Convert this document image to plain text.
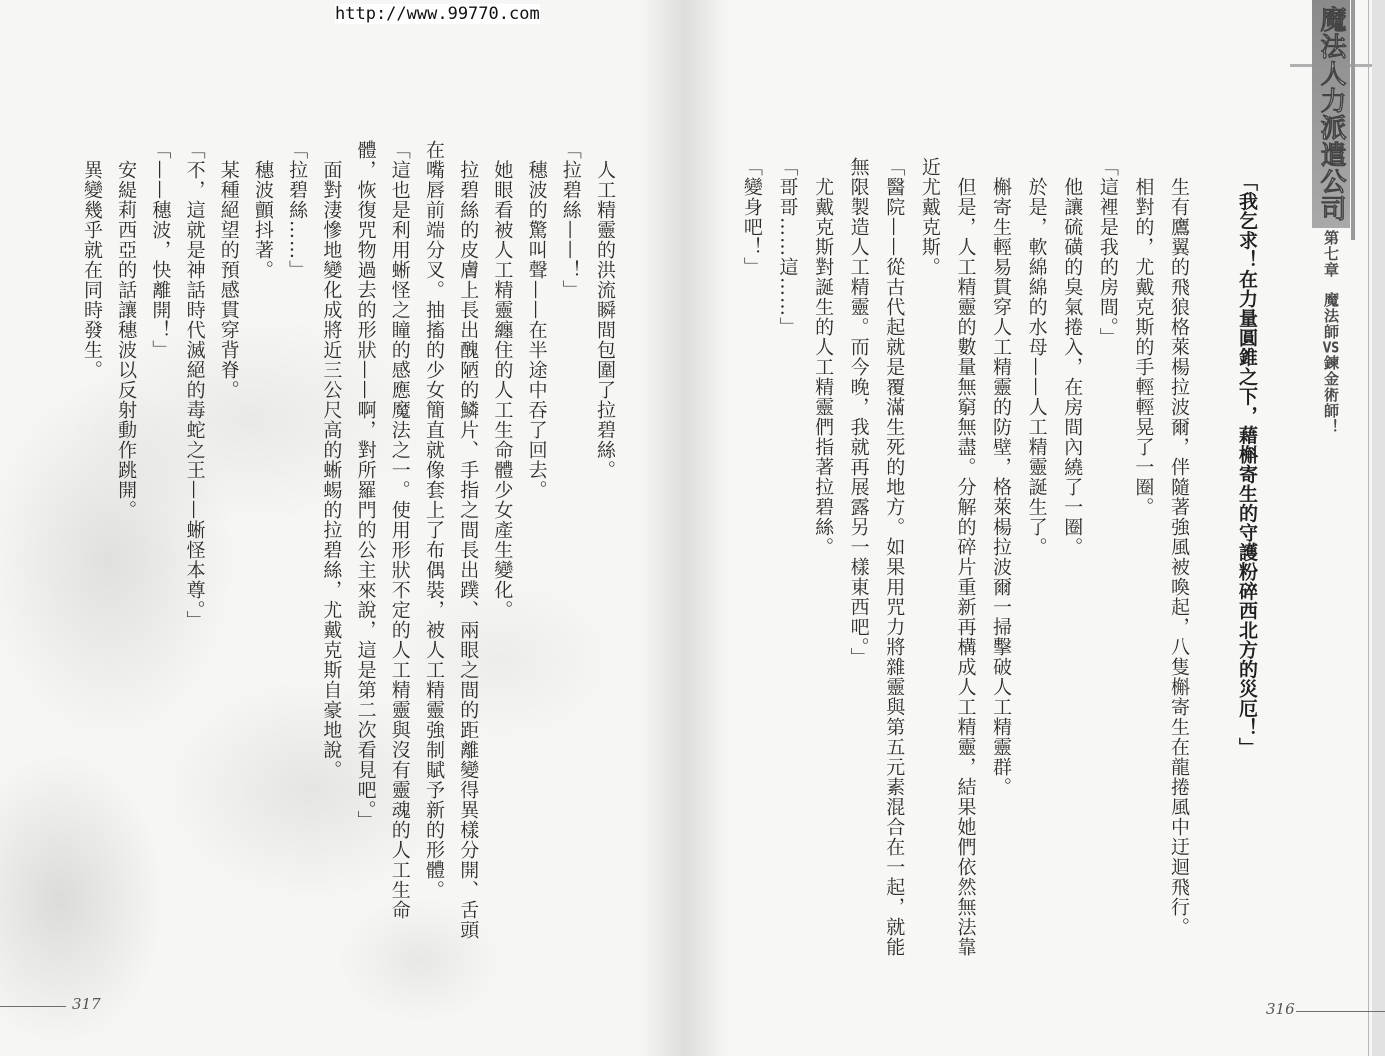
http://www.99770.com
人工精靈的洪流瞬間包圍了拉碧絲。
「拉碧絲——！」
穗波的驚叫聲——在半途中吞了回去。
她眼看被人工精靈纏住的人工生命體少女產生變化。
拉碧絲的皮膚上長出醜陋的鱗片、手指之間長出蹼、兩眼之間的距離變得異樣分開、舌頭
在嘴唇前端分叉。抽搐的少女簡直就像套上了布偶裝，被人工精靈強制賦予新的形體。
「這也是利用蜥怪之瞳的感應魔法之一。使用形狀不定的人工精靈與沒有靈魂的人工生命
體，恢復咒物過去的形狀——啊，對所羅門的公主來說，這是第二次看見吧。」
面對淒慘地變化成將近三公尺高的蜥蜴的拉碧絲，尤戴克斯自豪地說。
「拉碧絲……」
穗波顫抖著。
某種絕望的預感貫穿背脊。
「不，這就是神話時代滅絕的毒蛇之王——蜥怪本尊。」
「——穗波，快離開！」
安緹莉西亞的話讓穗波以反射動作跳開。
異變幾乎就在同時發生。
317
「我乞求！在力量圓錐之下，藉槲寄生的守護粉碎西北方的災厄！」
生有鷹翼的飛狼格萊楊拉波爾，伴隨著強風被喚起，八隻槲寄生在龍捲風中迂迴飛行。
相對的，尤戴克斯的手輕輕晃了一圈。
「這裡是我的房間。」
他讓硫磺的臭氣捲入，在房間內繞了一圈。
於是，軟綿綿的水母——人工精靈誕生了。
槲寄生輕易貫穿人工精靈的防壁，格萊楊拉波爾一掃擊破人工精靈群。
但是，人工精靈的數量無窮無盡。分解的碎片重新再構成人工精靈，結果她們依然無法靠
近尤戴克斯。
「醫院——從古代起就是覆滿生死的地方。如果用咒力將雜靈與第五元素混合在一起，就能
無限製造人工精靈。而今晚，我就再展露另一樣東西吧。」
尤戴克斯對誕生的人工精靈們指著拉碧絲。
「哥哥……這……」
「變身吧！」	魔法人力派遣公司
第七章
魔法師VS鍊金術師！
316
